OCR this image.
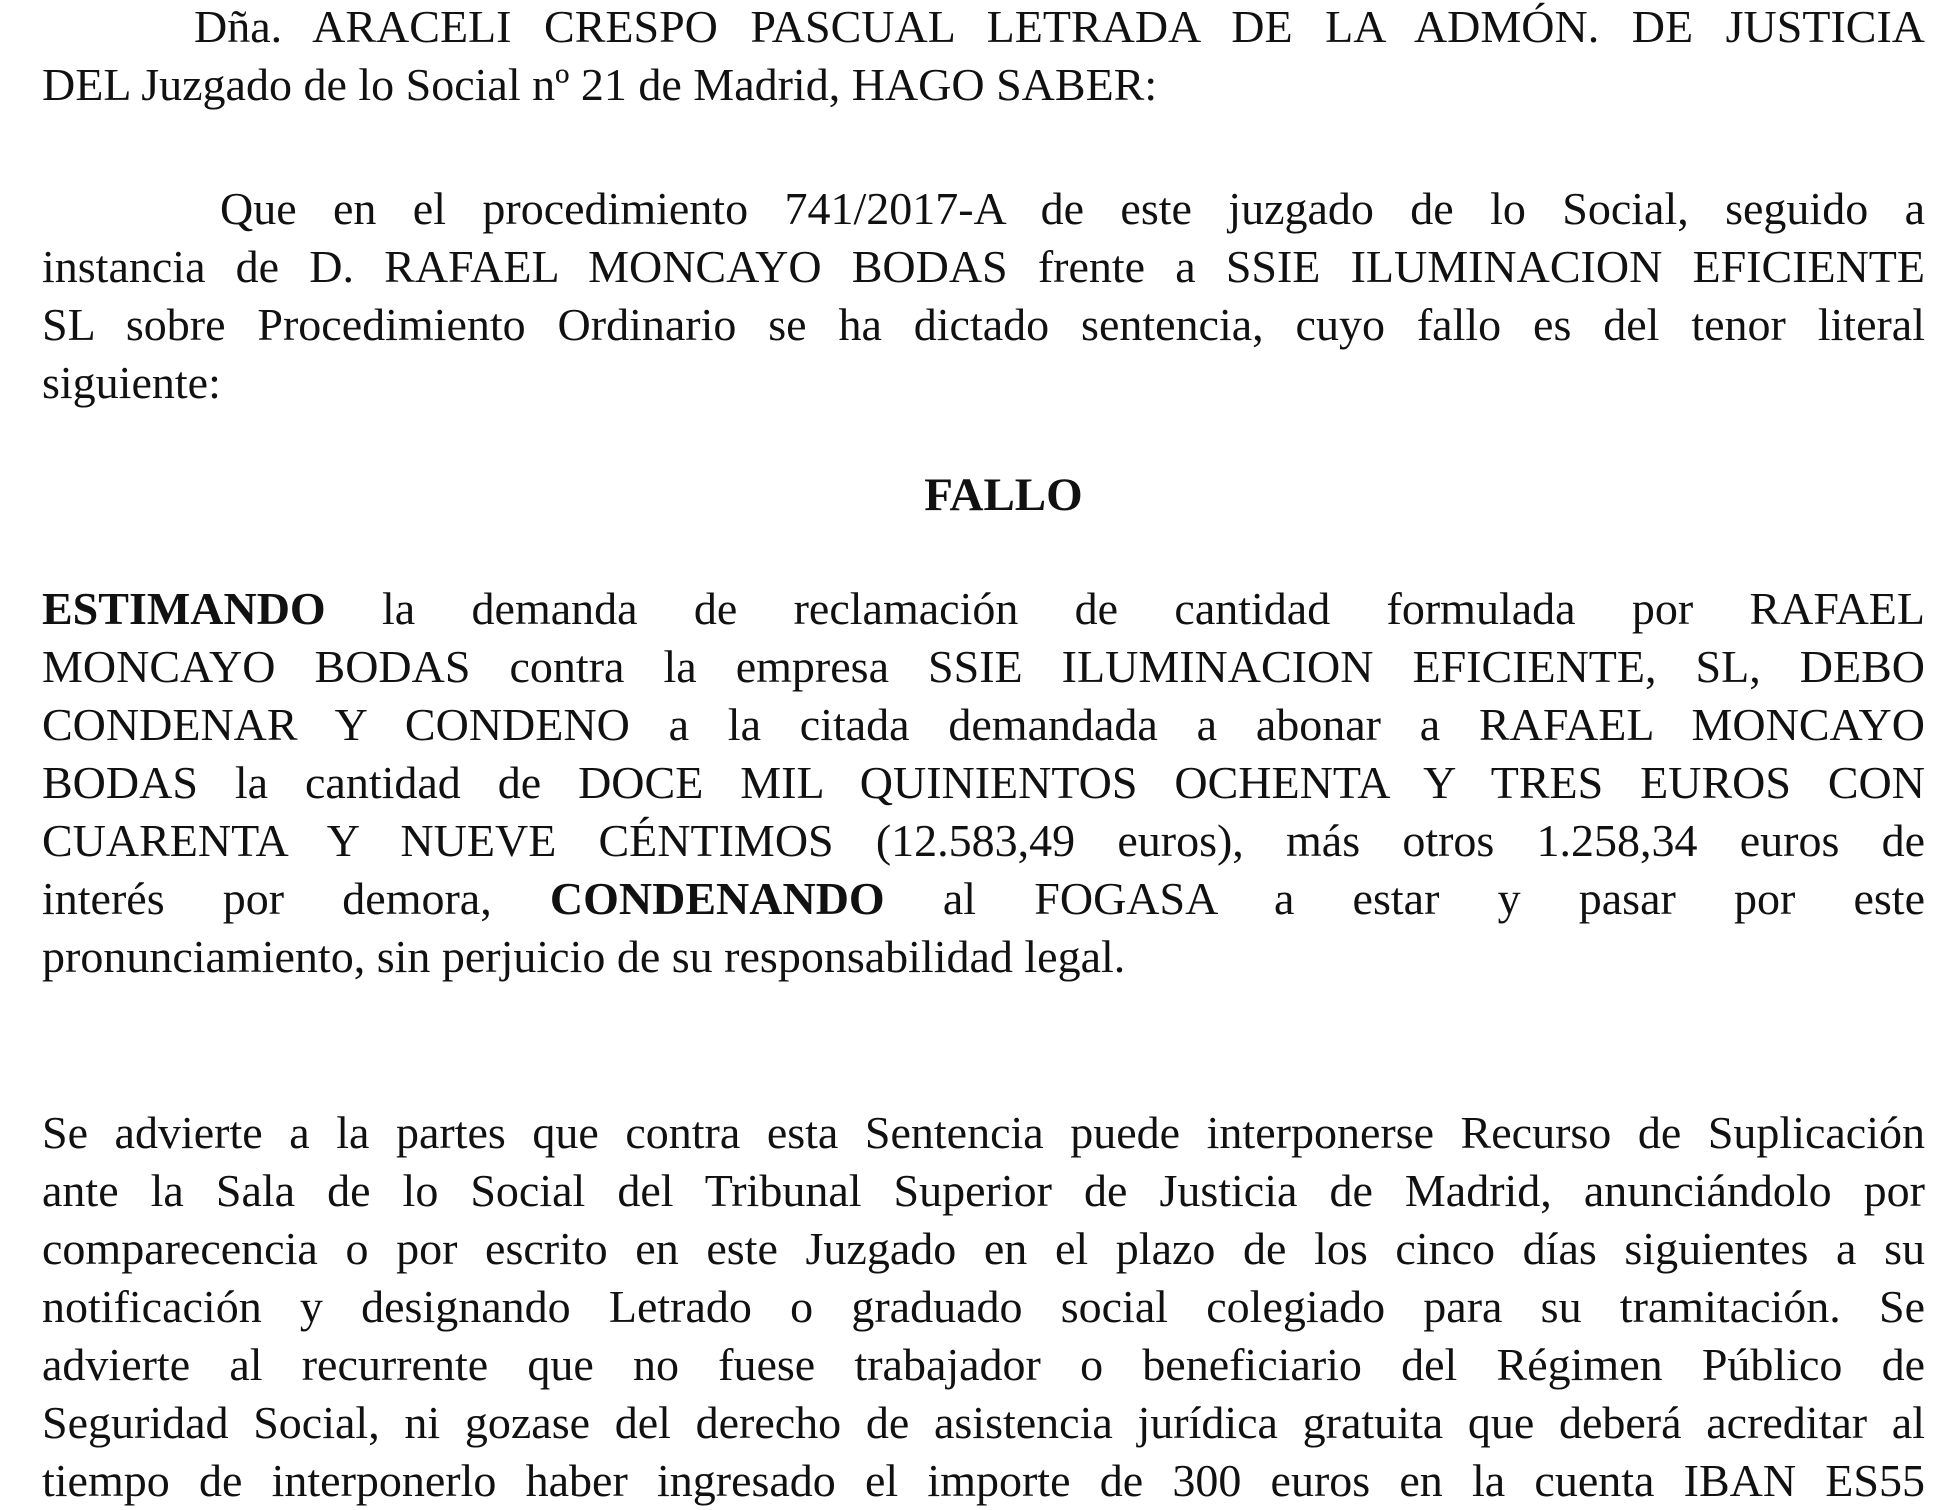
Dña. ARACELI CRESPO PASCUAL LETRADA DE LA ADMÓN. DE JUSTICIA
DEL Juzgado de lo Social nº 21 de Madrid, HAGO SABER:
Que en el procedimiento 741/2017-A de este juzgado de lo Social, seguido a
instancia de D. RAFAEL MONCAYO BODAS frente a SSIE ILUMINACION EFICIENTE
SL sobre Procedimiento Ordinario se ha dictado sentencia, cuyo fallo es del tenor literal
siguiente:
FALLO
ESTIMANDO la demanda de reclamación de cantidad formulada por RAFAEL
MONCAYO BODAS contra la empresa SSIE ILUMINACION EFICIENTE, SL, DEBO
CONDENAR Y CONDENO a la citada demandada a abonar a RAFAEL MONCAYO
BODAS la cantidad de DOCE MIL QUINIENTOS OCHENTA Y TRES EUROS CON
CUARENTA Y NUEVE CÉNTIMOS (12.583,49 euros), más otros 1.258,34 euros de
interés por demora, CONDENANDO al FOGASA a estar y pasar por este
pronunciamiento, sin perjuicio de su responsabilidad legal.
Se advierte a la partes que contra esta Sentencia puede interponerse Recurso de Suplicación
ante la Sala de lo Social del Tribunal Superior de Justicia de Madrid, anunciándolo por
comparecencia o por escrito en este Juzgado en el plazo de los cinco días siguientes a su
notificación y designando Letrado o graduado social colegiado para su tramitación. Se
advierte al recurrente que no fuese trabajador o beneficiario del Régimen Público de
Seguridad Social, ni gozase del derecho de asistencia jurídica gratuita que deberá acreditar al
tiempo de interponerlo haber ingresado el importe de 300 euros en la cuenta IBAN ES55
